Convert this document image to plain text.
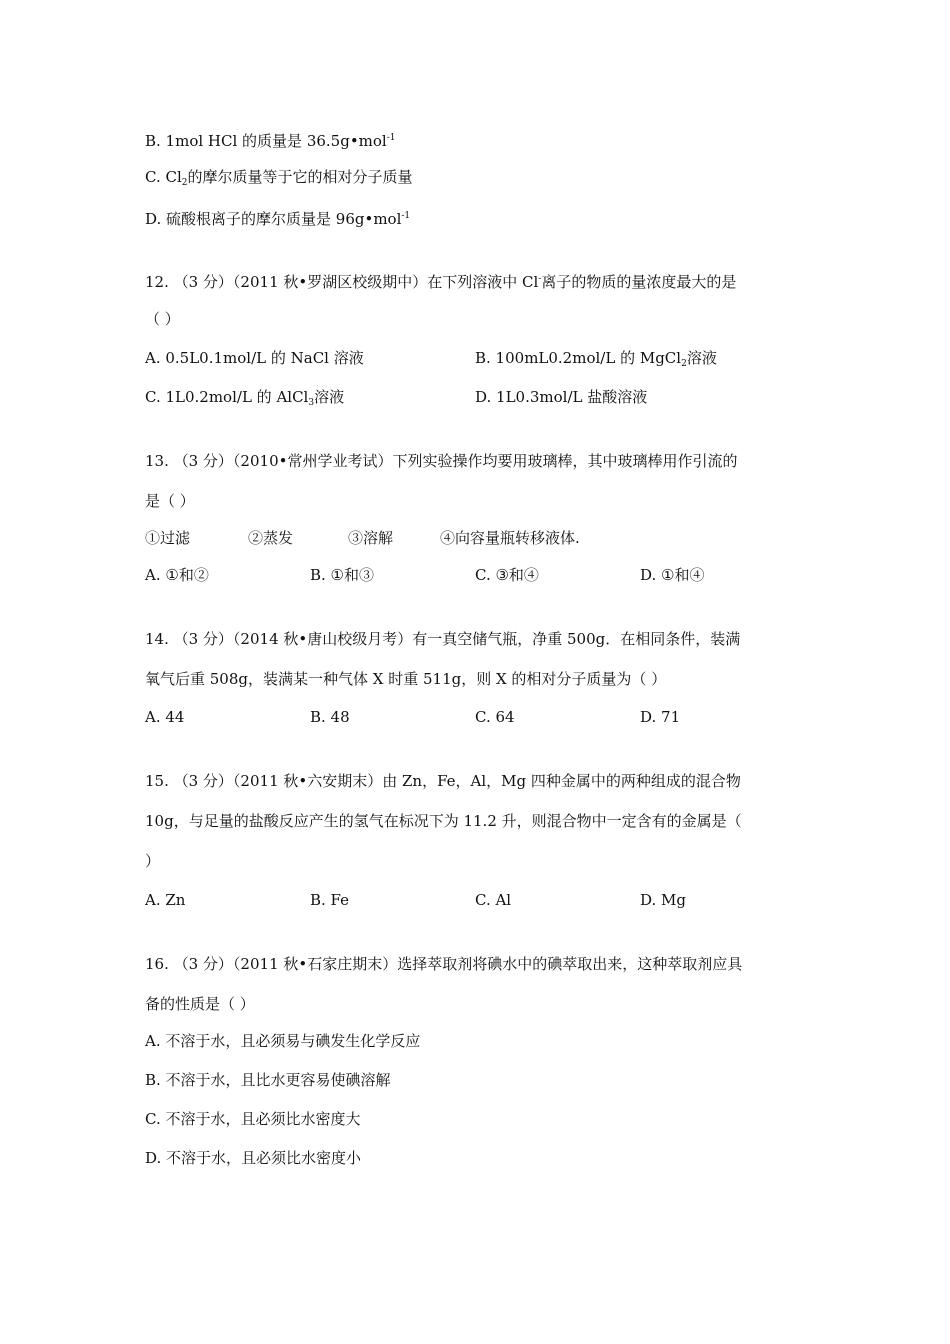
B. 1mol HCl 的质量是 36.5g•mol$^{-1}$
C. $Cl_2$的摩尔质量等于它的相对分子质量
D. 硫酸根离子的摩尔质量是 96g•mol$^{-1}$
12. （3 分）（2011 秋•罗湖区校级期中）在下列溶液中 Cl-离子的物质的量浓度最大的是
（ ）
A. 0.5L0.1mol/L 的 NaCl 溶液	B. 100mL0.2mol/L 的 MgCl$_2$溶液
C. 1L0.2mol/L 的 AlCl$_3$溶液	D. 1L0.3mol/L 盐酸溶液
13. （3 分）（2010•常州学业考试）下列实验操作均要用玻璃棒，其中玻璃棒用作引流的
是（ ）
①过滤	②蒸发	③溶解	④向容量瓶转移液体.
A. ①和②	B. ①和③	C. ③和④	D. ①和④
14. （3 分）（2014 秋•唐山校级月考）有一真空储气瓶，净重 500g．在相同条件，装满
氧气后重 508g，装满某一种气体 X 时重 511g，则 X 的相对分子质量为（ ）
A. 44	B. 48	C. 64	D. 71
15. （3 分）（2011 秋•六安期末）由 Zn，Fe，Al，Mg 四种金属中的两种组成的混合物
10g，与足量的盐酸反应产生的氢气在标况下为 11.2 升，则混合物中一定含有的金属是（
）
A. Zn	B. Fe	C. Al	D. Mg
16. （3 分）（2011 秋•石家庄期末）选择萃取剂将碘水中的碘萃取出来，这种萃取剂应具
备的性质是（ ）
A. 不溶于水，且必须易与碘发生化学反应
B. 不溶于水，且比水更容易使碘溶解
C. 不溶于水，且必须比水密度大
D. 不溶于水，且必须比水密度小
